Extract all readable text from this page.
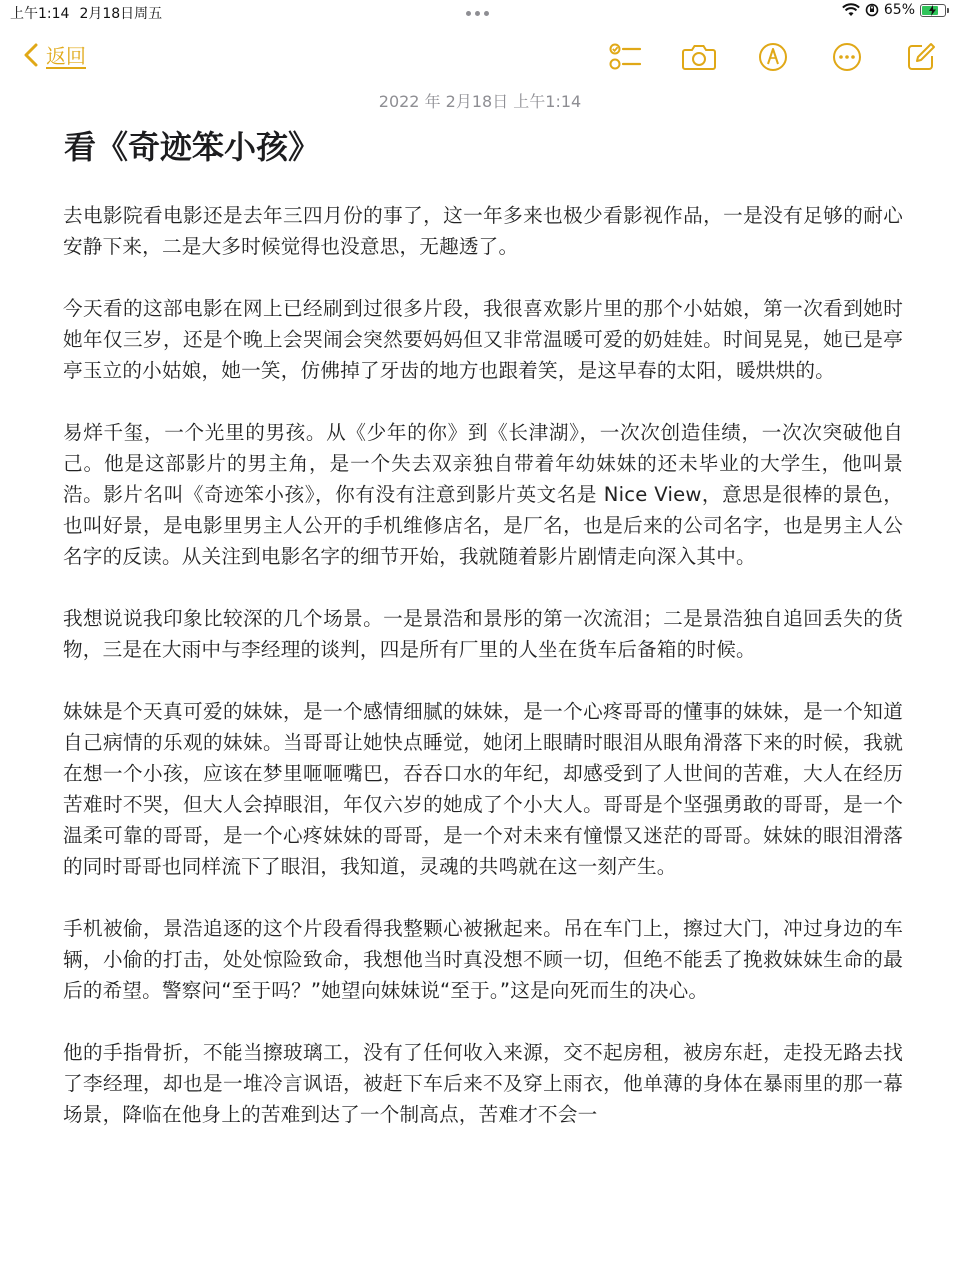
上午1:14 2月18日周五	65%
返回
2022 年 2月18日 上午1:14
看《奇迹笨小孩》

去电影院看电影还是去年三四月份的事了，这一年多来也极少看影视作品，一是没有足够的耐心安静下来，二是大多时候觉得也没意思，无趣透了。

今天看的这部电影在网上已经刷到过很多片段，我很喜欢影片里的那个小姑娘，第一次看到她时她年仅三岁，还是个晚上会哭闹会突然要妈妈但又非常温暖可爱的奶娃娃。时间晃晃，她已是亭亭玉立的小姑娘，她一笑，仿佛掉了牙齿的地方也跟着笑，是这早春的太阳，暖烘烘的。

易烊千玺，一个光里的男孩。从《少年的你》到《长津湖》，一次次创造佳绩，一次次突破他自己。他是这部影片的男主角，是一个失去双亲独自带着年幼妹妹的还未毕业的大学生，他叫景浩。影片名叫《奇迹笨小孩》，你有没有注意到影片英文名是 Nice View，意思是很棒的景色，也叫好景，是电影里男主人公开的手机维修店名，是厂名，也是后来的公司名字，也是男主人公名字的反读。从关注到电影名字的细节开始，我就随着影片剧情走向深入其中。

我想说说我印象比较深的几个场景。一是景浩和景彤的第一次流泪；二是景浩独自追回丢失的货物，三是在大雨中与李经理的谈判，四是所有厂里的人坐在货车后备箱的时候。

妹妹是个天真可爱的妹妹，是一个感情细腻的妹妹，是一个心疼哥哥的懂事的妹妹，是一个知道自己病情的乐观的妹妹。当哥哥让她快点睡觉，她闭上眼睛时眼泪从眼角滑落下来的时候，我就在想一个小孩，应该在梦里咂咂嘴巴，吞吞口水的年纪，却感受到了人世间的苦难，大人在经历苦难时不哭，但大人会掉眼泪，年仅六岁的她成了个小大人。哥哥是个坚强勇敢的哥哥，是一个温柔可靠的哥哥，是一个心疼妹妹的哥哥，是一个对未来有憧憬又迷茫的哥哥。妹妹的眼泪滑落的同时哥哥也同样流下了眼泪，我知道，灵魂的共鸣就在这一刻产生。

手机被偷，景浩追逐的这个片段看得我整颗心被揪起来。吊在车门上，擦过大门，冲过身边的车辆，小偷的打击，处处惊险致命，我想他当时真没想不顾一切，但绝不能丢了挽救妹妹生命的最后的希望。警察问“至于吗？”她望向妹妹说“至于。”这是向死而生的决心。

他的手指骨折，不能当擦玻璃工，没有了任何收入来源，交不起房租，被房东赶，走投无路去找了李经理，却也是一堆冷言讽语，被赶下车后来不及穿上雨衣，他单薄的身体在暴雨里的那一幕场景，降临在他身上的苦难到达了一个制高点，苦难才不会一
